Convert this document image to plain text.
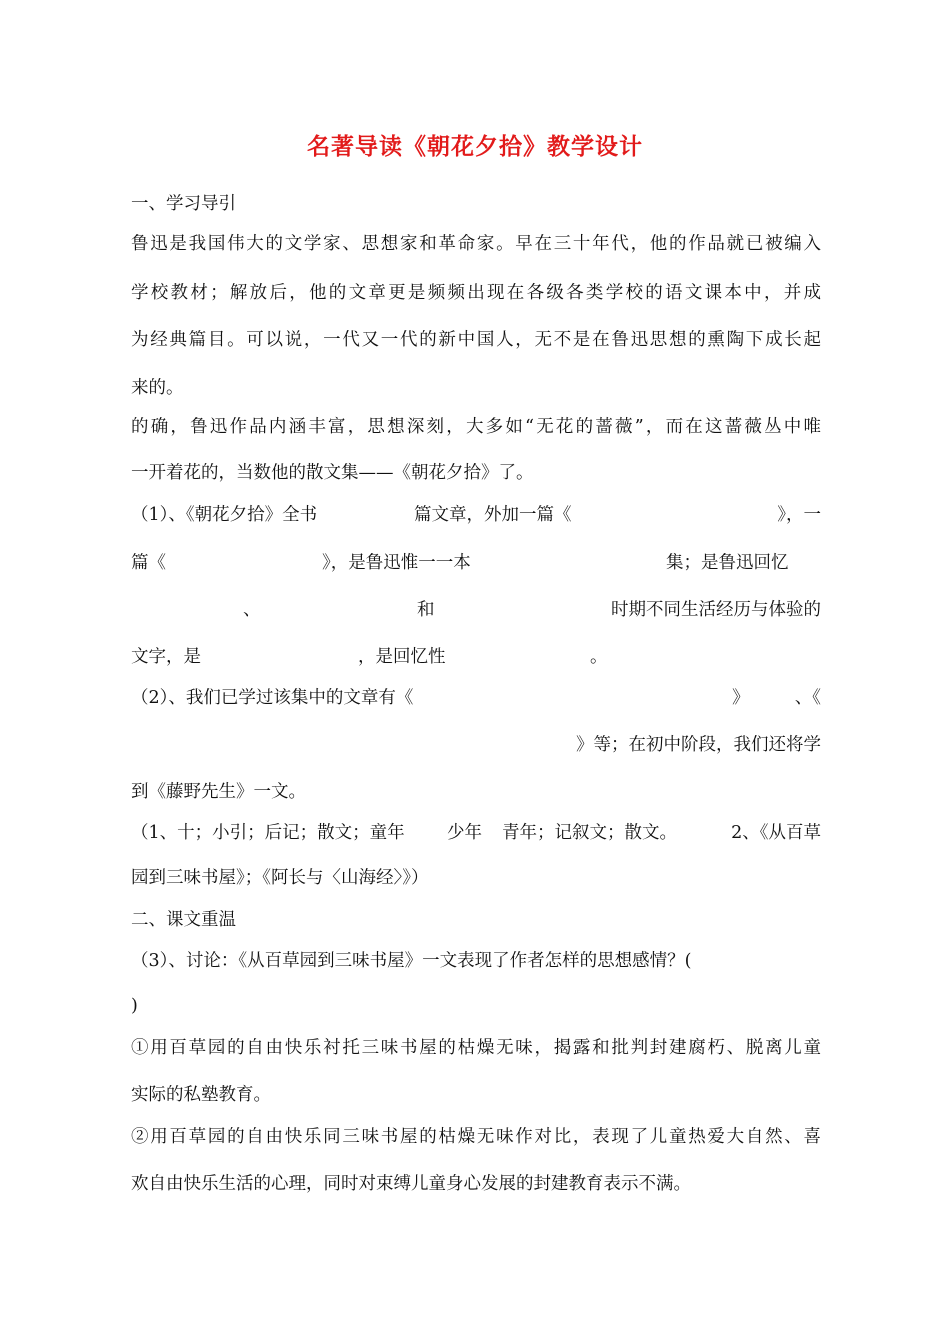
名著导读《朝花夕拾》教学设计
一、学习导引
鲁迅是我国伟大的文学家、思想家和革命家。早在三十年代，他的作品就已被编入
学校教材；解放后，他的文章更是频频出现在各级各类学校的语文课本中，并成
为经典篇目。可以说，一代又一代的新中国人，无不是在鲁迅思想的熏陶下成长起
来的。
的确，鲁迅作品内涵丰富，思想深刻，大多如“无花的蔷薇”，而在这蔷薇丛中唯
一开着花的，当数他的散文集——《朝花夕拾》了。
（1）、《朝花夕拾》全书	篇文章，外加一篇《	》，一
篇《	》，是鲁迅惟一一本	集；是鲁迅回忆
、	和	时期不同生活经历与体验的
文字，是	，是回忆性	。
（2）、我们已学过该集中的文章有《	》	、《
》等；在初中阶段，我们还将学
到《藤野先生》一文。
（1、十；小引；后记；散文；童年 少年 青年；记叙文；散文。	2、《从百草
园到三味书屋》；《阿长与〈山海经〉》）
二、课文重温
（3）、讨论：《从百草园到三味书屋》一文表现了作者怎样的思想感情？(
)
①用百草园的自由快乐衬托三味书屋的枯燥无味，揭露和批判封建腐朽、脱离儿童
实际的私塾教育。
②用百草园的自由快乐同三味书屋的枯燥无味作对比，表现了儿童热爱大自然、喜
欢自由快乐生活的心理，同时对束缚儿童身心发展的封建教育表示不满。
